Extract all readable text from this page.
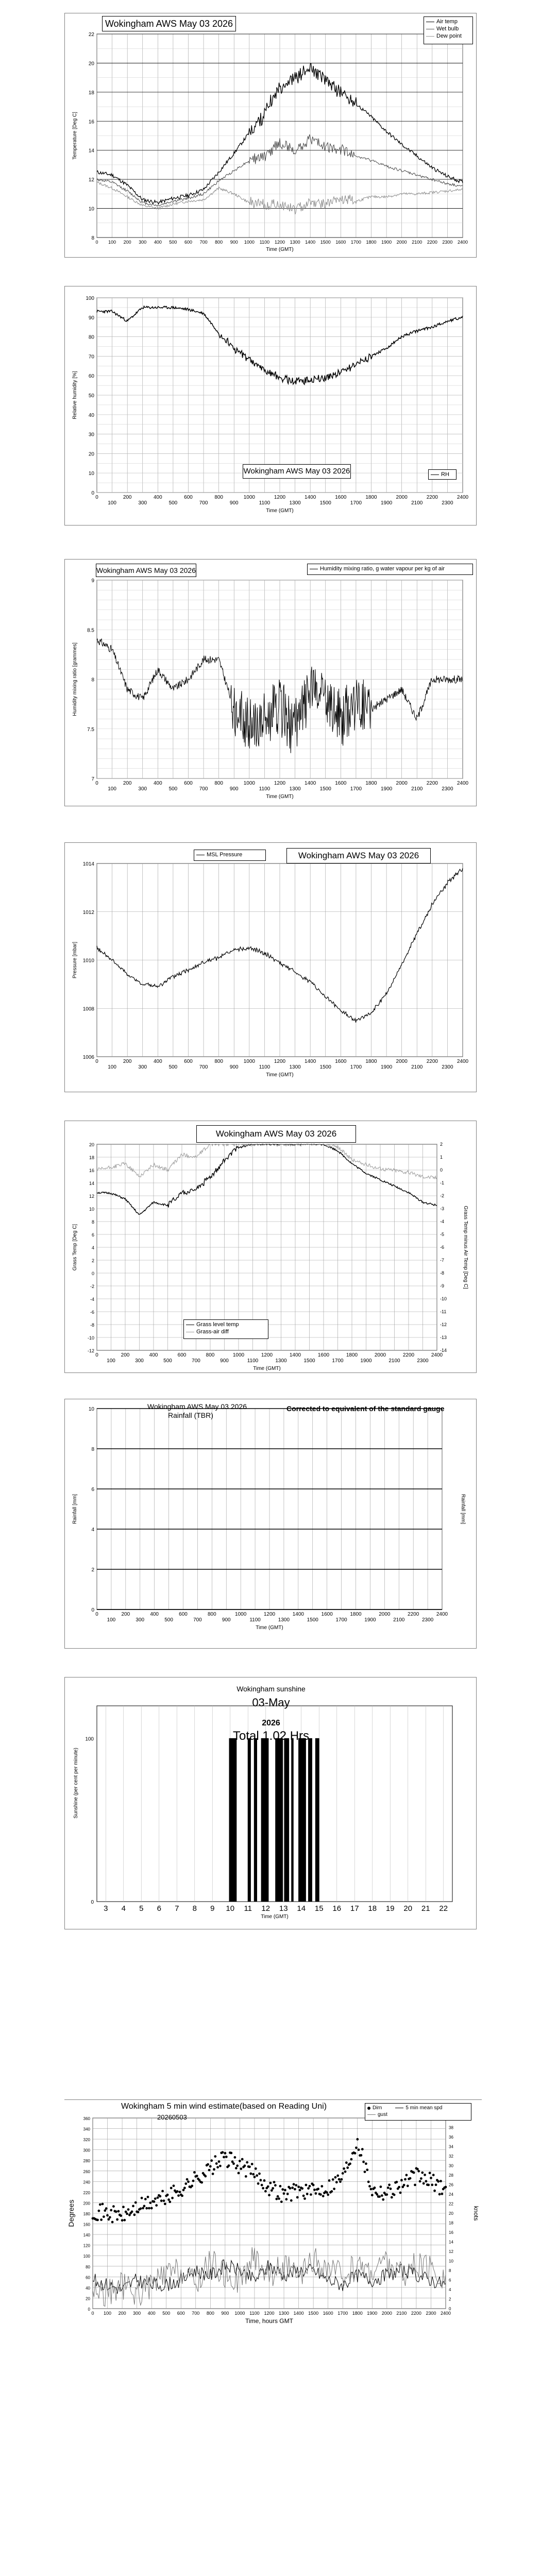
0 100 200 300 400 500 600 700 800 900 1000 1100 1200 1300 1400 1500 1600 1700 1800 1900 2000 2100 2200 2300 2400
8
10
12
14
16
18
20
22
Temperature [Deg C]
Time (GMT)
Wokingham AWS May 03 2026	Air temp
Wet bulb
Dew point
0
100
200
300
400
500
600
700
800
900
1000
1100
1200
1300
1400
1500
1600
1700
1800
1900
2000
2100
2200
2300
2400
0
10
20
30
40
50
60
70
80
90
100
Relative humidity [%]
Time (GMT)
Wokingham AWS May 03 2026	RH
0
100
200
300
400
500
600
700
800
900
1000
1100
1200
1300
1400
1500
1600
1700
1800
1900
2000
2100
2200
2300
2400
7
7.5
8
8.5
9
Humidity mixing ratio [grammes]
Time (GMT)
Wokingham AWS May 03 2026	Humidity mixing ratio, g water vapour per kg of air
0
100
200
300
400
500
600
700
800
900
1000
1100
1200
1300
1400
1500
1600
1700
1800
1900
2000
2100
2200
2300
2400
1006
1008
1010
1012
1014
Pressure [mbar]
Time (GMT)
MSL Pressure	Wokingham AWS May 03 2026
0
100
200
300
400
500
600
700
800
900
1000
1100
1200
1300
1400
1500
1600
1700
1800
1900
2000
2100
2200
2300
2400
-12
-10
-8
-6
-4
-2
0
2
4
6
8
10
12
14
16
18
20	2
1
0
-1
-2
-3
-4
-5
-6
-7
-8
-9
-10
-11
-12
-13
-14
Grass Temp [Deg C]	Grass Temp minus Air Temp [Deg C]
Time (GMT)
Wokingham AWS May 03 2026
Grass level temp
Grass-air diff
0
100
200
300
400
500
600
700
800
900
1000
1100
1200
1300
1400
1500
1600
1700
1800
1900
2000
2100
2200
2300
2400
0
2
4
6
8
10
Rainfall [mm]	Rainfall [mm]
Time (GMT)
Wokingham AWS May 03 2026
Rainfall (TBR)
Corrected to equivalent of the standard gauge
3 4 5 6 7 8 9 10 11 12 13 14 15 16 17 18 19 20 21 22
0
100
Sunshine (per cent per minute)
Time (GMT)
Wokingham sunshine
03-May
2026
Total 1.02 Hrs
0 100 200 300 400 500 600 700 800 900 1000 1100 1200 1300 1400 1500 1600 1700 1800 1900 2000 2100 2200 2300 2400
0
20
40
60
80
100
120
140
160
180
200
220
240
260
280
300
320
340
360
0
2
4
6
8
10
12
14
16
18
20
22
24
26
28
30
32
34
36
38
Degrees	knots
Time, hours GMT
Wokingham 5 min wind estimate(based on Reading Uni)
20260503
Dirn	5 min mean spd
gust
